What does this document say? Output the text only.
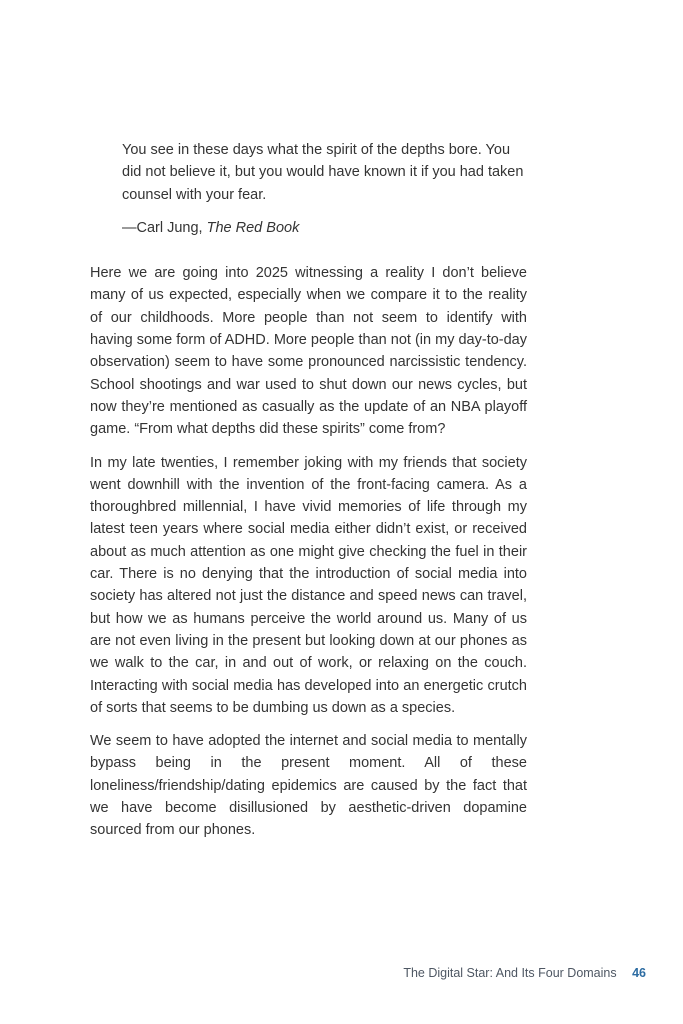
You see in these days what the spirit of the depths bore. You did not believe it, but you would have known it if you had taken counsel with your fear.

—Carl Jung, The Red Book

Here we are going into 2025 witnessing a reality I don’t believe many of us expected, especially when we compare it to the reality of our childhoods. More people than not seem to identify with having some form of ADHD. More people than not (in my day-to-day observation) seem to have some pronounced narcissistic tendency. School shootings and war used to shut down our news cycles, but now they’re mentioned as casually as the update of an NBA playoff game. “From what depths did these spirits” come from?

In my late twenties, I remember joking with my friends that society went downhill with the invention of the front-facing camera. As a thoroughbred millennial, I have vivid memories of life through my latest teen years where social media either didn’t exist, or received about as much attention as one might give checking the fuel in their car. There is no denying that the introduction of social media into society has altered not just the distance and speed news can travel, but how we as humans perceive the world around us. Many of us are not even living in the present but looking down at our phones as we walk to the car, in and out of work, or relaxing on the couch. Interacting with social media has developed into an energetic crutch of sorts that seems to be dumbing us down as a species.

We seem to have adopted the internet and social media to mentally bypass being in the present moment. All of these loneliness/friendship/dating epidemics are caused by the fact that we have become disillusioned by aesthetic-driven dopamine sourced from our phones.

The Digital Star: And Its Four Domains 46
